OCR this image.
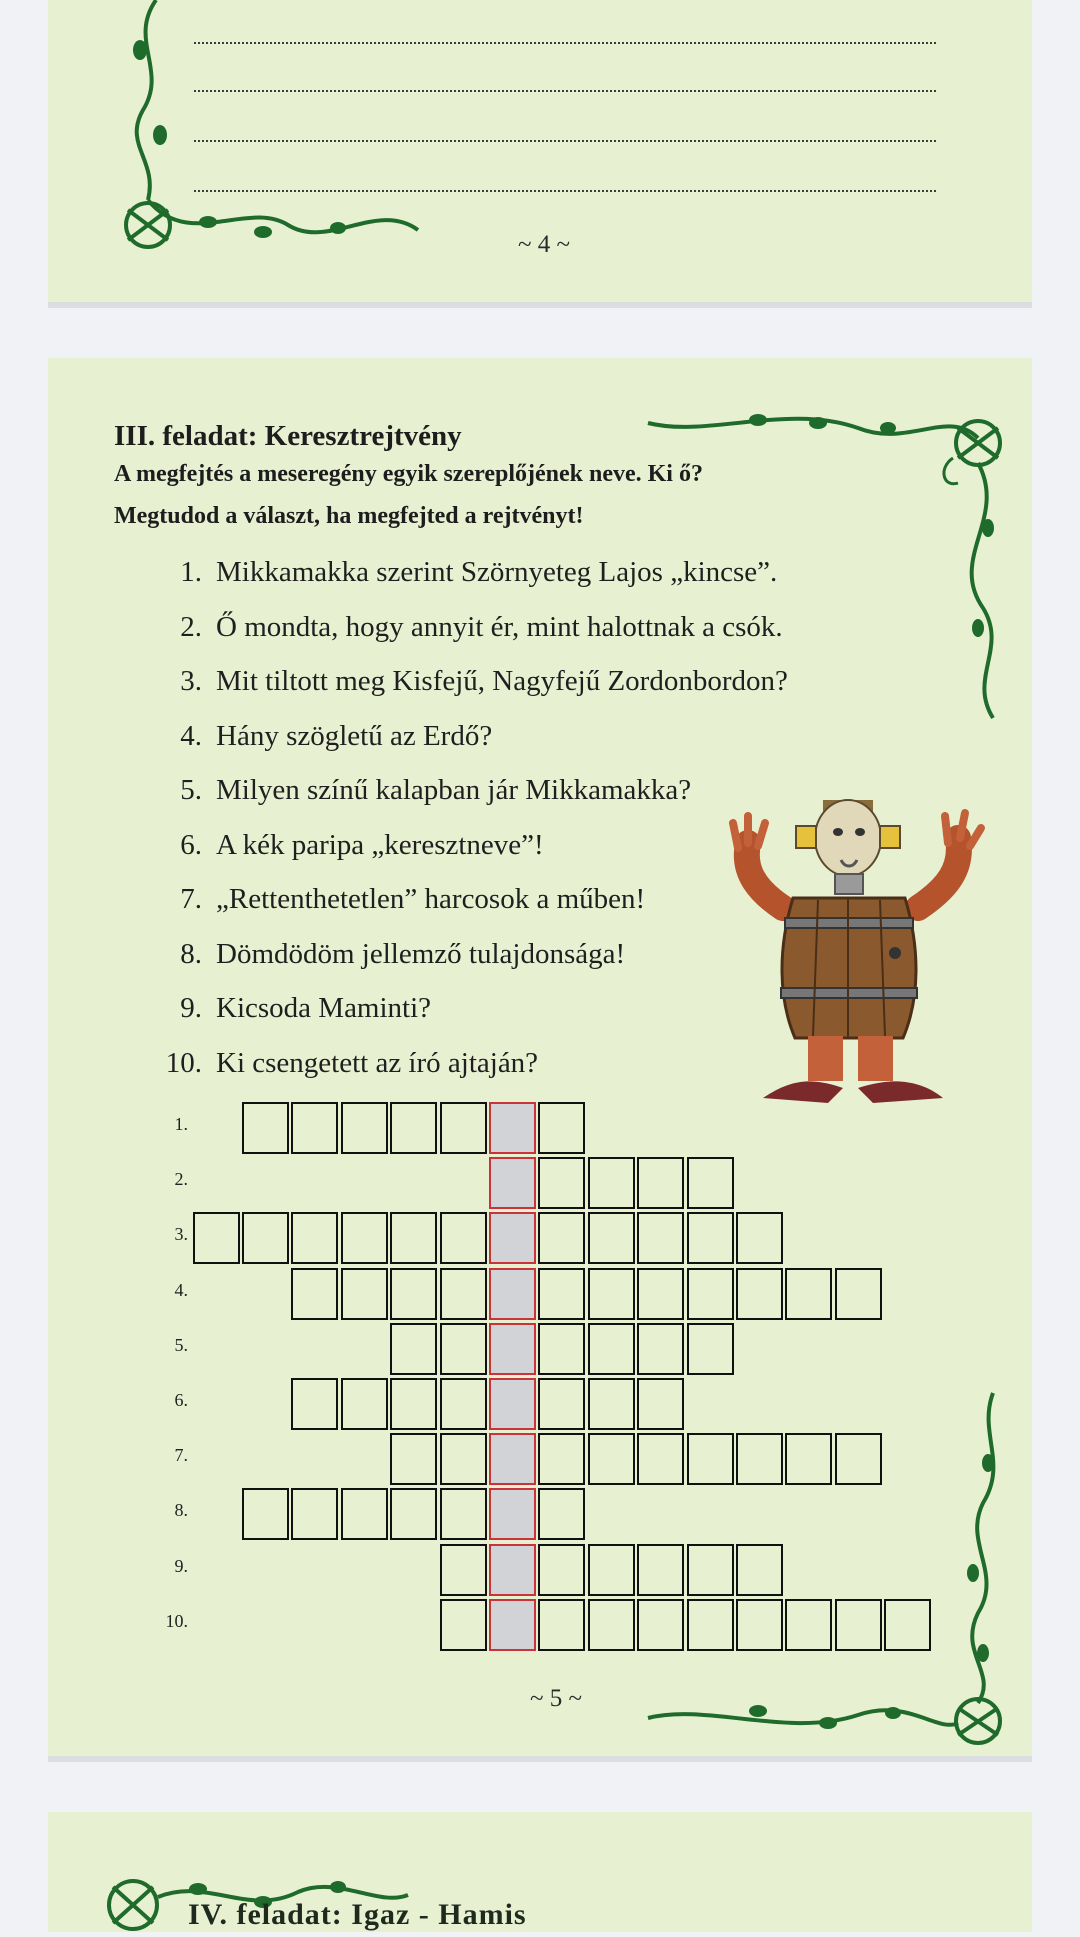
~ 4 ~
III. feladat: Keresztrejtvény
A megfejtés a meseregény egyik szereplőjének neve. Ki ő?
Megtudod a választ, ha megfejted a rejtvényt!
1. Mikkamakka szerint Szörnyeteg Lajos „kincse”.
2. Ő mondta, hogy annyit ér, mint halottnak a csók.
3. Mit tiltott meg Kisfejű, Nagyfejű Zordonbordon?
4. Hány szögletű az Erdő?
5. Milyen színű kalapban jár Mikkamakka?
6. A kék paripa „keresztneve”!
7. „Rettenthetetlen” harcosok a műben!
8. Dömdödöm jellemző tulajdonsága!
9. Kicsoda Maminti?
10. Ki csengetett az író ajtaján?
1.
2.
3.
4.
5.
6.
7.
8.
9.
10.
~ 5 ~
IV. feladat: Igaz - Hamis
